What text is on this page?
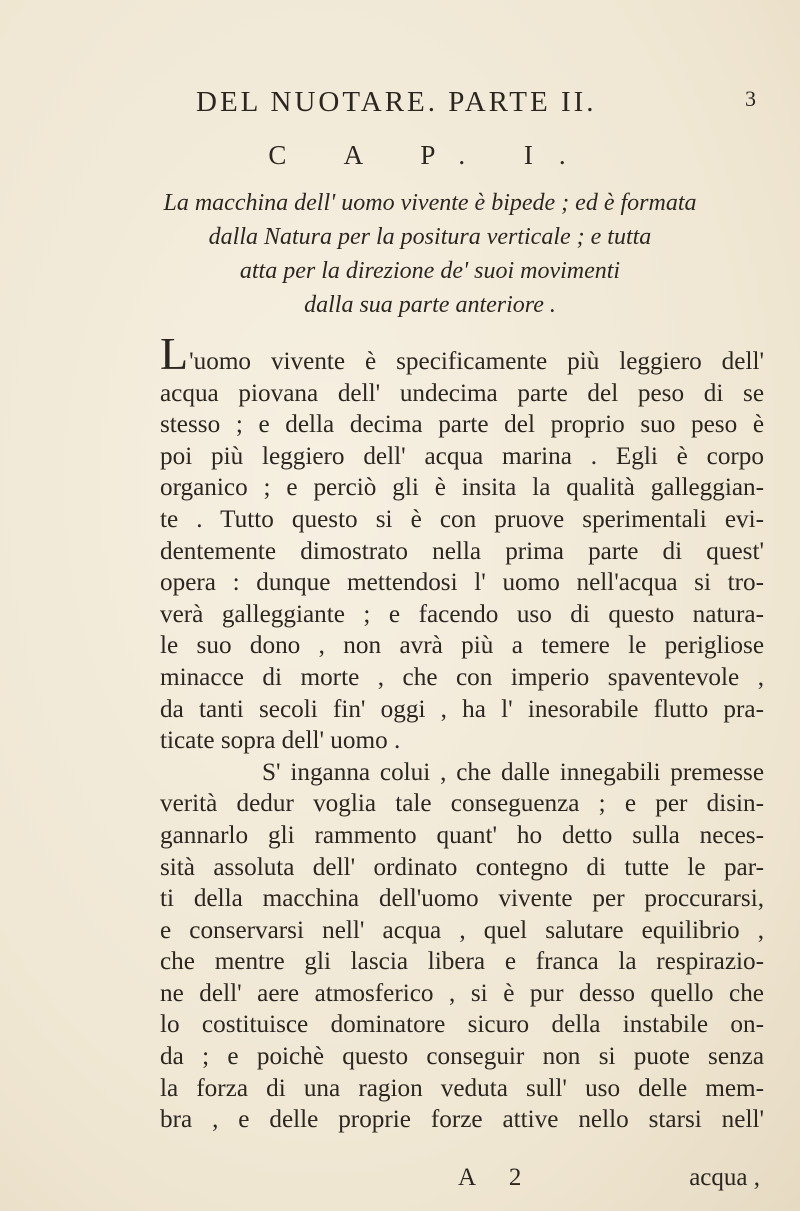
DEL NUOTARE. PARTE II.	3
C A P. I.
La macchina dell' uomo vivente è bipede ; ed è formata
dalla Natura per la positura verticale ; e tutta
atta per la direzione de' suoi movimenti
dalla sua parte anteriore .
L'uomo vivente è specificamente più leggiero dell'
acqua piovana dell' undecima parte del peso di se
stesso ; e della decima parte del proprio suo peso è
poi più leggiero dell' acqua marina . Egli è corpo
organico ; e perciò gli è insita la qualità galleggian-
te . Tutto questo si è con pruove sperimentali evi-
dentemente dimostrato nella prima parte di quest'
opera : dunque mettendosi l' uomo nell'acqua si tro-
verà galleggiante ; e facendo uso di questo natura-
le suo dono , non avrà più a temere le perigliose
minacce di morte , che con imperio spaventevole ,
da tanti secoli fin' oggi , ha l' inesorabile flutto pra-
ticate sopra dell' uomo .
S' inganna colui , che dalle innegabili premesse
verità dedur voglia tale conseguenza ; e per disin-
gannarlo gli rammento quant' ho detto sulla neces-
sità assoluta dell' ordinato contegno di tutte le par-
ti della macchina dell'uomo vivente per proccurarsi,
e conservarsi nell' acqua , quel salutare equilibrio ,
che mentre gli lascia libera e franca la respirazio-
ne dell' aere atmosferico , si è pur desso quello che
lo costituisce dominatore sicuro della instabile on-
da ; e poichè questo conseguir non si puote senza
la forza di una ragion veduta sull' uso delle mem-
bra , e delle proprie forze attive nello starsi nell'
A 2	acqua ,
